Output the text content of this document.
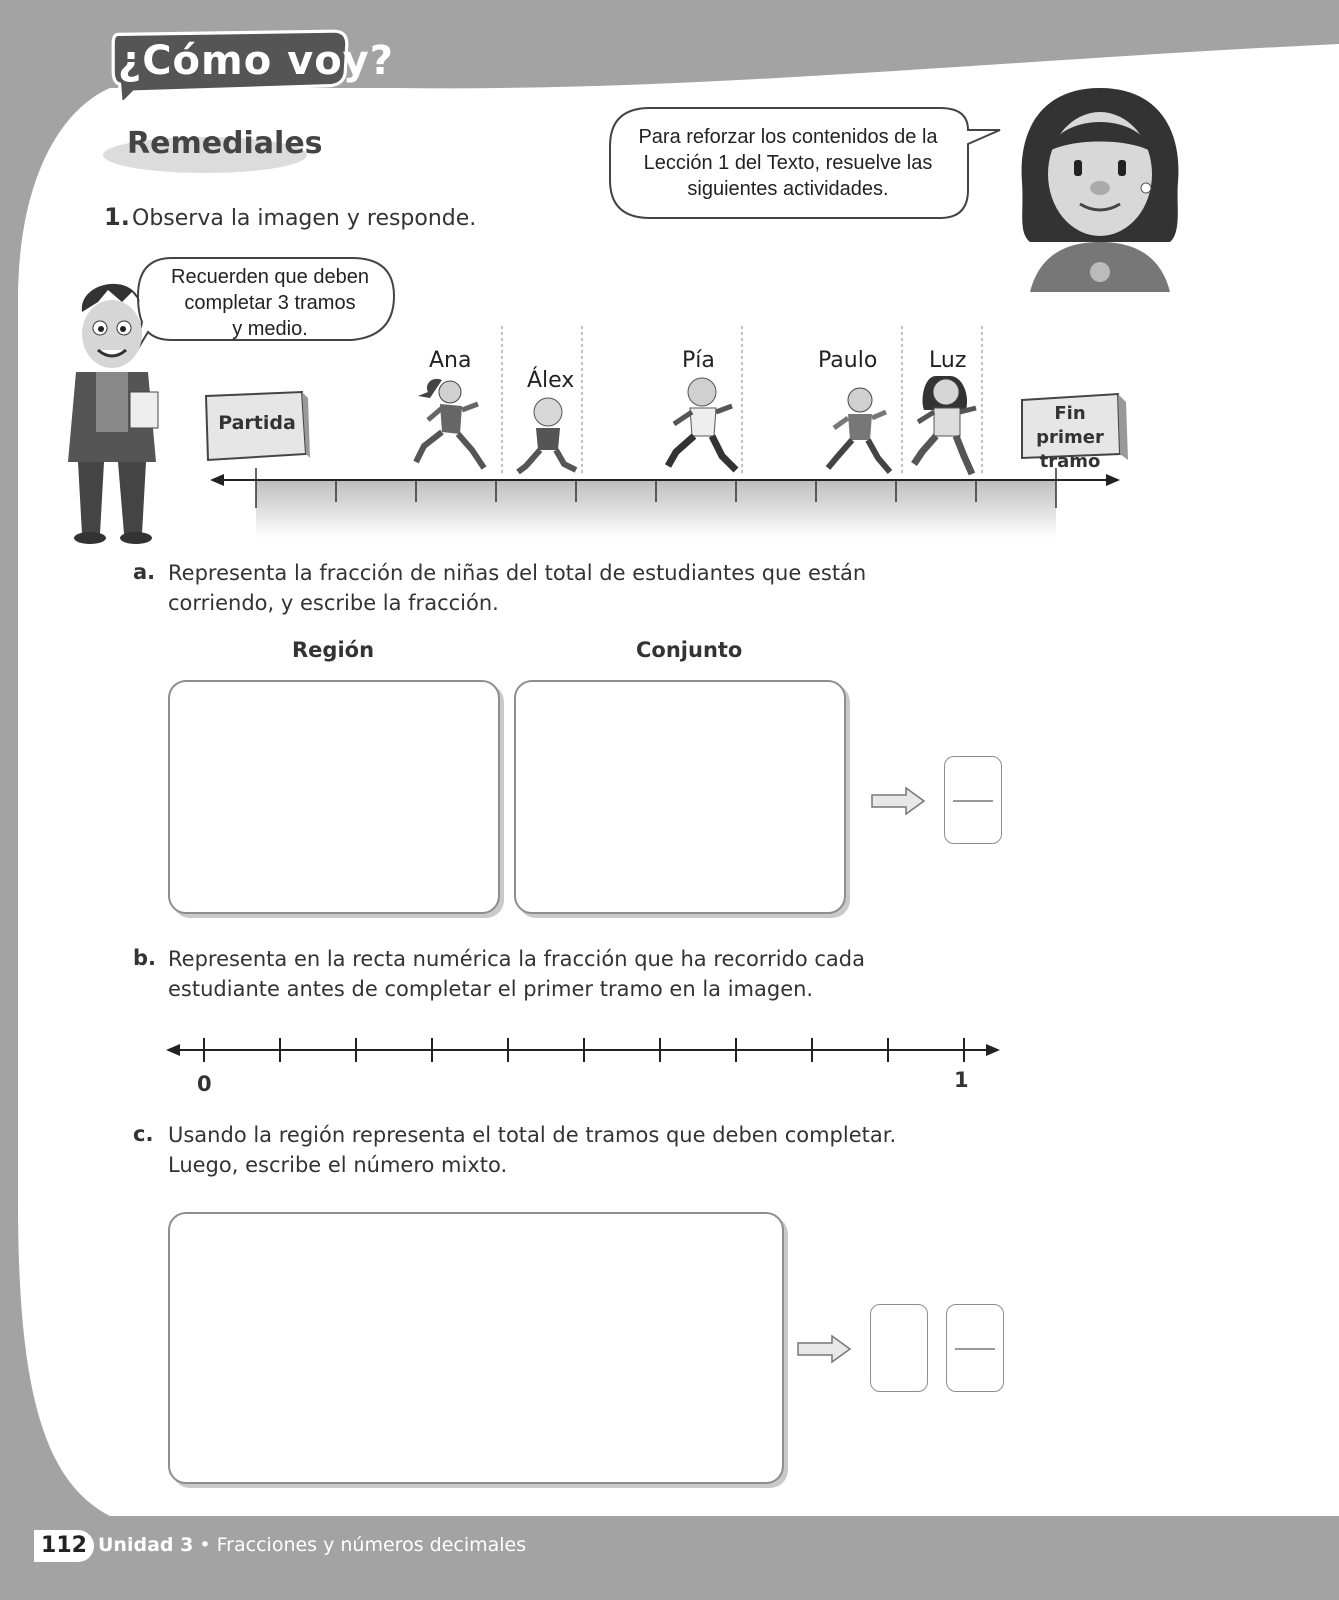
¿Cómo voy?
Remediales	Para reforzar los contenidos de la
Lección 1 del Texto, resuelve las
siguientes actividades.
1. Observa la imagen y responde.
Recuerden que deben
completar 3 tramos
y medio.
Partida	Fin primer
tramo
Ana
Álex
Pía	Paulo Luz
a. Representa la fracción de niñas del total de estudiantes que están
corriendo, y escribe la fracción.
Región	Conjunto
b. Representa en la recta numérica la fracción que ha recorrido cada
estudiante antes de completar el primer tramo en la imagen.
0	1
c. Usando la región representa el total de tramos que deben completar.
Luego, escribe el número mixto.
112 Unidad 3 • Fracciones y números decimales
